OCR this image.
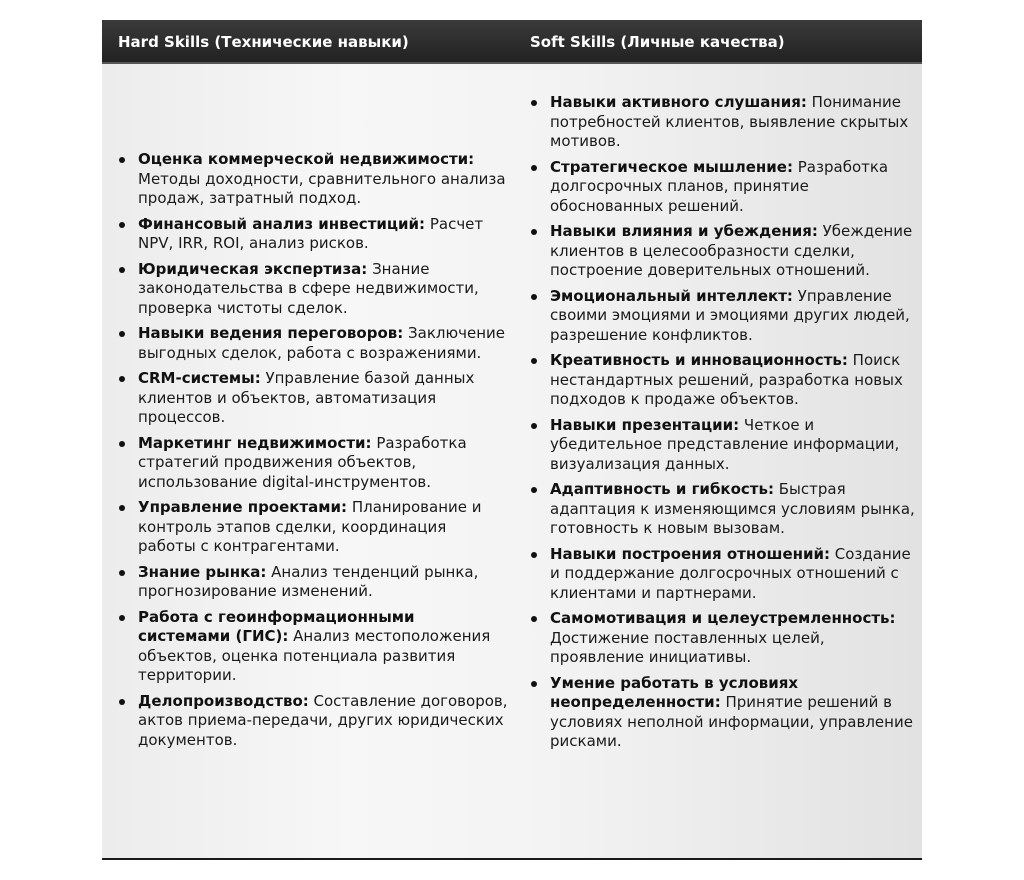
Hard Skills (Технические навыки)	Soft Skills (Личные качества)
Оценка коммерческой недвижимости: Методы доходности, сравнительного анализа продаж, затратный подход.
Финансовый анализ инвестиций: Расчет NPV, IRR, ROI, анализ рисков.
Юридическая экспертиза: Знание законодательства в сфере недвижимости, проверка чистоты сделок.
Навыки ведения переговоров: Заключение выгодных сделок, работа с возражениями.
CRM-системы: Управление базой данных клиентов и объектов, автоматизация процессов.
Маркетинг недвижимости: Разработка стратегий продвижения объектов, использование digital-инструментов.
Управление проектами: Планирование и контроль этапов сделки, координация работы с контрагентами.
Знание рынка: Анализ тенденций рынка, прогнозирование изменений.
Работа с геоинформационными системами (ГИС): Анализ местоположения объектов, оценка потенциала развития территории.
Делопроизводство: Составление договоров, актов приема-передачи, других юридических документов.
Навыки активного слушания: Понимание потребностей клиентов, выявление скрытых мотивов.
Стратегическое мышление: Разработка долгосрочных планов, принятие обоснованных решений.
Навыки влияния и убеждения: Убеждение клиентов в целесообразности сделки, построение доверительных отношений.
Эмоциональный интеллект: Управление своими эмоциями и эмоциями других людей, разрешение конфликтов.
Креативность и инновационность: Поиск нестандартных решений, разработка новых подходов к продаже объектов.
Навыки презентации: Четкое и убедительное представление информации, визуализация данных.
Адаптивность и гибкость: Быстрая адаптация к изменяющимся условиям рынка, готовность к новым вызовам.
Навыки построения отношений: Создание и поддержание долгосрочных отношений с клиентами и партнерами.
Самомотивация и целеустремленность: Достижение поставленных целей, проявление инициативы.
Умение работать в условиях неопределенности: Принятие решений в условиях неполной информации, управление рисками.
